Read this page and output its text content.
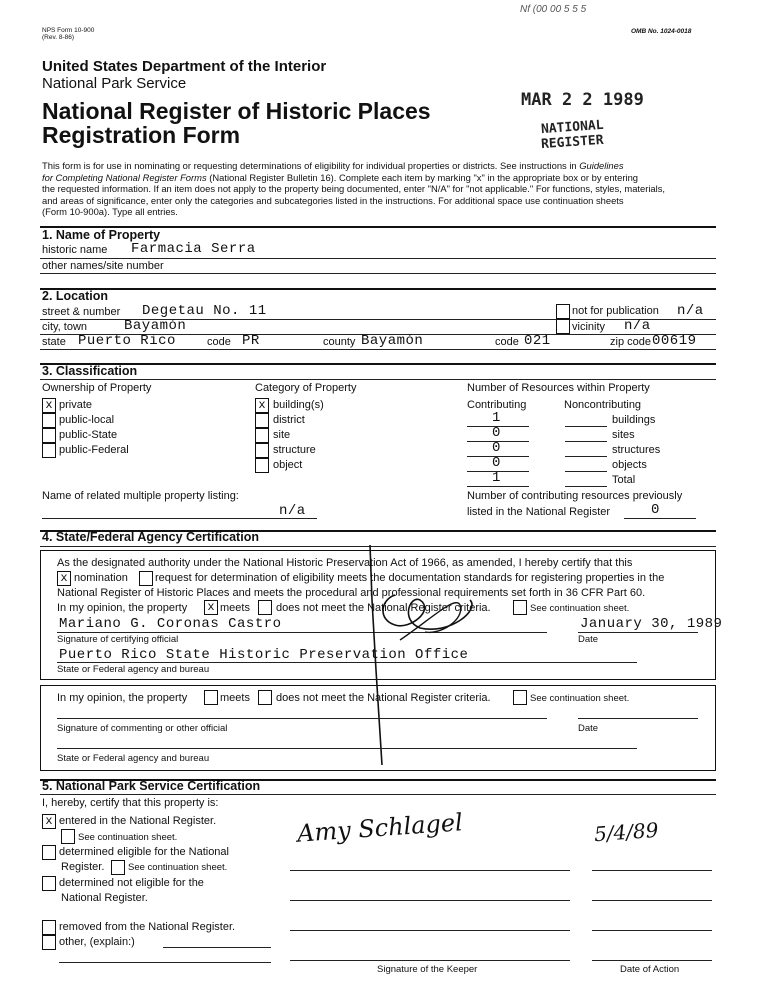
NPS Form 10-900
(Rev. 8-86)
OMB No. 1024-0018
Nf (00 00 5 5 5
United States Department of the Interior
National Park Service
National Register of Historic Places
Registration Form
MAR 2 2 1989
NATIONAL
REGISTER
This form is for use in nominating or requesting determinations of eligibility for individual properties or districts. See instructions in Guidelines
for Completing National Register Forms (National Register Bulletin 16). Complete each item by marking "x" in the appropriate box or by entering
the requested information. If an item does not apply to the property being documented, enter "N/A" for "not applicable." For functions, styles, materials,
and areas of significance, enter only the categories and subcategories listed in the instructions. For additional space use continuation sheets
(Form 10-900a). Type all entries.
1. Name of Property
historic name Farmacia Serra
other names/site number
2. Location
street & number Degetau No. 11	not for publication n/a
city, town	Bayamón	vicinity n/a
state Puerto Rico	code PR	county Bayamón	code 021	zip code 00619
3. Classification
Ownership of Property
x private
public-local
public-State
public-Federal
Category of Property
x building(s)
district
site
structure
object
Number of Resources within Property
Contributing	Noncontributing
1	buildings
0	sites
0	structures
0	objects
1	Total
Name of related multiple property listing:
n/a
Number of contributing resources previously
listed in the National Register	0
4. State/Federal Agency Certification
As the designated authority under the National Historic Preservation Act of 1966, as amended, I hereby certify that this
x nomination request for determination of eligibility meets the documentation standards for registering properties in the
National Register of Historic Places and meets the procedural and professional requirements set forth in 36 CFR Part 60.
In my opinion, the property x meets does not meet the National Register criteria.	See continuation sheet.
Mariano G. Coronas Castro	January 30, 1989
Signature of certifying official	Date
Puerto Rico State Historic Preservation Office
State or Federal agency and bureau
In my opinion, the property	meets does not meet the National Register criteria.	See continuation sheet.
Signature of commenting or other official	Date
State or Federal agency and bureau
5. National Park Service Certification
I, hereby, certify that this property is:
x entered in the National Register.
See continuation sheet.
determined eligible for the National
Register. See continuation sheet.
determined not eligible for the
National Register.
removed from the National Register.
other, (explain:)
Amy Schlagel	5/4/89
Signature of the Keeper	Date of Action
